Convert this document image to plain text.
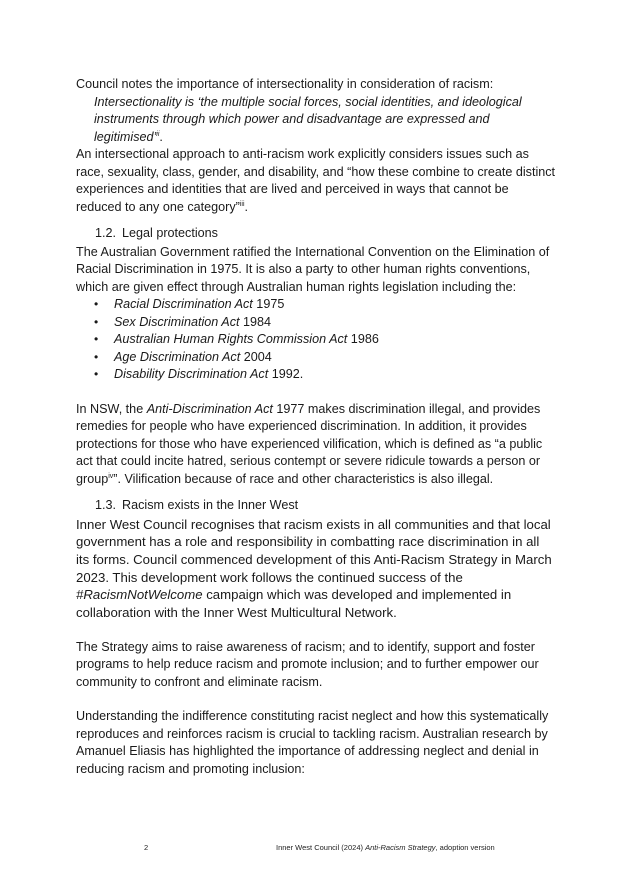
Council notes the importance of intersectionality in consideration of racism:

Intersectionality is ‘the multiple social forces, social identities, and ideological instruments through which power and disadvantage are expressed and legitimised’$^{ii}$.

An intersectional approach to anti-racism work explicitly considers issues such as race, sexuality, class, gender, and disability, and “how these combine to create distinct experiences and identities that are lived and perceived in ways that cannot be reduced to any one category”$^{iii}$.

1.2. Legal protections

The Australian Government ratified the International Convention on the Elimination of Racial Discrimination in 1975. It is also a party to other human rights conventions, which are given effect through Australian human rights legislation including the:

• Racial Discrimination Act 1975
• Sex Discrimination Act 1984
• Australian Human Rights Commission Act 1986
• Age Discrimination Act 2004
• Disability Discrimination Act 1992.

In NSW, the Anti-Discrimination Act 1977 makes discrimination illegal, and provides remedies for people who have experienced discrimination. In addition, it provides protections for those who have experienced vilification, which is defined as “a public act that could incite hatred, serious contempt or severe ridicule towards a person or group$^{iv}$”. Vilification because of race and other characteristics is also illegal.

1.3. Racism exists in the Inner West

Inner West Council recognises that racism exists in all communities and that local government has a role and responsibility in combatting race discrimination in all its forms. Council commenced development of this Anti-Racism Strategy in March 2023. This development work follows the continued success of the #RacismNotWelcome campaign which was developed and implemented in collaboration with the Inner West Multicultural Network.

The Strategy aims to raise awareness of racism; and to identify, support and foster programs to help reduce racism and promote inclusion; and to further empower our community to confront and eliminate racism.

Understanding the indifference constituting racist neglect and how this systematically reproduces and reinforces racism is crucial to tackling racism. Australian research by Amanuel Eliasis has highlighted the importance of addressing neglect and denial in reducing racism and promoting inclusion:

2	Inner West Council (2024) Anti-Racism Strategy, adoption version
